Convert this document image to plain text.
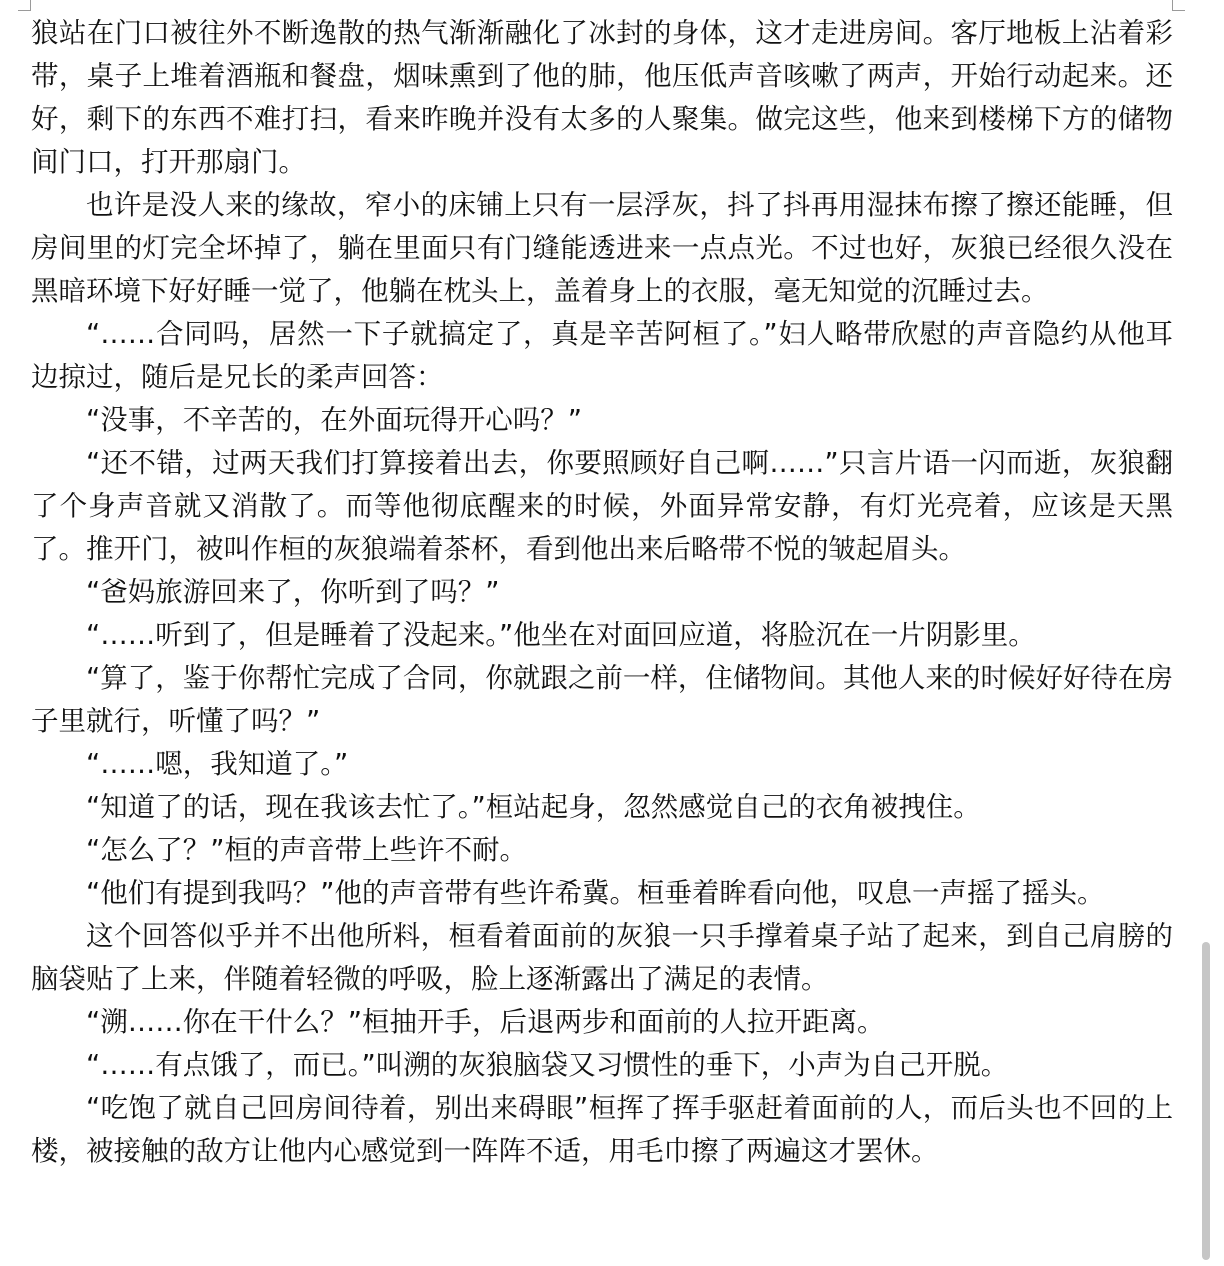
狼站在门口被往外不断逸散的热气渐渐融化了冰封的身体，这才走进房间。客厅地板上沾着彩带，桌子上堆着酒瓶和餐盘，烟味熏到了他的肺，他压低声音咳嗽了两声，开始行动起来。还好，剩下的东西不难打扫，看来昨晚并没有太多的人聚集。做完这些，他来到楼梯下方的储物间门口，打开那扇门。

也许是没人来的缘故，窄小的床铺上只有一层浮灰，抖了抖再用湿抹布擦了擦还能睡，但房间里的灯完全坏掉了，躺在里面只有门缝能透进来一点点光。不过也好，灰狼已经很久没在黑暗环境下好好睡一觉了，他躺在枕头上，盖着身上的衣服，毫无知觉的沉睡过去。

“……合同吗，居然一下子就搞定了，真是辛苦阿桓了。”妇人略带欣慰的声音隐约从他耳边掠过，随后是兄长的柔声回答：

“没事，不辛苦的，在外面玩得开心吗？”

“还不错，过两天我们打算接着出去，你要照顾好自己啊……”只言片语一闪而逝，灰狼翻了个身声音就又消散了。而等他彻底醒来的时候，外面异常安静，有灯光亮着，应该是天黑了。推开门，被叫作桓的灰狼端着茶杯，看到他出来后略带不悦的皱起眉头。

“爸妈旅游回来了，你听到了吗？”

“……听到了，但是睡着了没起来。”他坐在对面回应道，将脸沉在一片阴影里。

“算了，鉴于你帮忙完成了合同，你就跟之前一样，住储物间。其他人来的时候好好待在房子里就行，听懂了吗？”

“……嗯，我知道了。”

“知道了的话，现在我该去忙了。”桓站起身，忽然感觉自己的衣角被拽住。

“怎么了？”桓的声音带上些许不耐。

“他们有提到我吗？”他的声音带有些许希冀。桓垂着眸看向他，叹息一声摇了摇头。

这个回答似乎并不出他所料，桓看着面前的灰狼一只手撑着桌子站了起来，到自己肩膀的脑袋贴了上来，伴随着轻微的呼吸，脸上逐渐露出了满足的表情。

“溯……你在干什么？”桓抽开手，后退两步和面前的人拉开距离。

“……有点饿了，而已。”叫溯的灰狼脑袋又习惯性的垂下，小声为自己开脱。

“吃饱了就自己回房间待着，别出来碍眼”桓挥了挥手驱赶着面前的人，而后头也不回的上楼，被接触的敌方让他内心感觉到一阵阵不适，用毛巾擦了两遍这才罢休。
